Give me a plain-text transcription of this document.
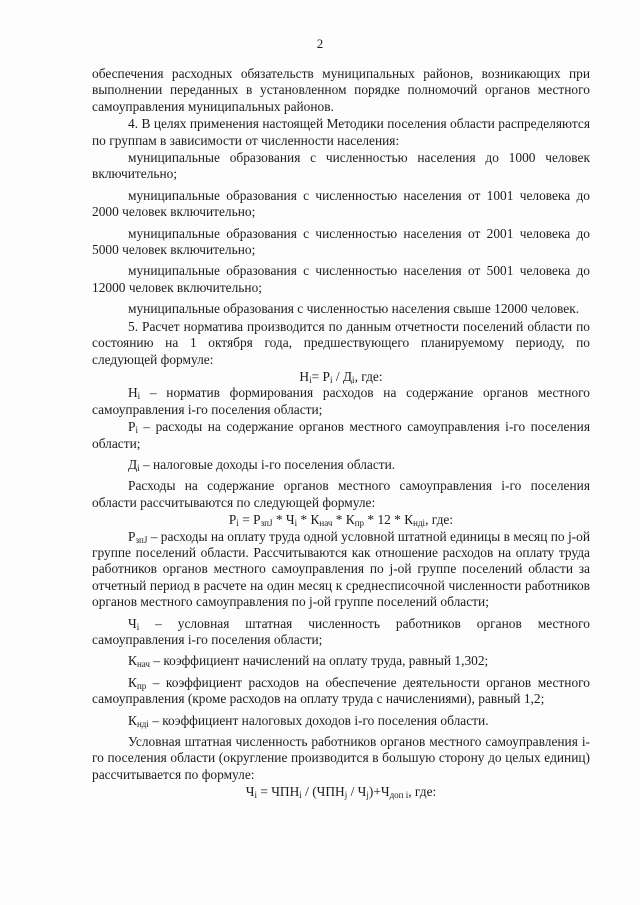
2

обеспечения расходных обязательств муниципальных районов, возникающих при выполнении переданных в установленном порядке полномочий органов местного самоуправления муниципальных районов.

4. В целях применения настоящей Методики поселения области распределяются по группам в зависимости от численности населения:

муниципальные образования с численностью населения до 1000 человек включительно;

муниципальные образования с численностью населения от 1001 человека до 2000 человек включительно;

муниципальные образования с численностью населения от 2001 человека до 5000 человек включительно;

муниципальные образования с численностью населения от 5001 человека до 12000 человек включительно;

муниципальные образования с численностью населения свыше 12000 человек.

5. Расчет норматива производится по данным отчетности поселений области по состоянию на 1 октября года, предшествующего планируемому периоду, по следующей формуле:

$Н_i= Р_i / Д_i$, где:

$Н_i$ – норматив формирования расходов на содержание органов местного самоуправления i-го поселения области;

$Р_i$ – расходы на содержание органов местного самоуправления i-го поселения области;

$Д_i$ – налоговые доходы i-го поселения области.

Расходы на содержание органов местного самоуправления i-го поселения области рассчитываются по следующей формуле:

$Р_i = Р_{зпJ} * Ч_i * К_{нач} * К_{пр} * 12 * К_{ндi}$, где:

$Р_{зпJ}$ – расходы на оплату труда одной условной штатной единицы в месяц по j-ой группе поселений области. Рассчитываются как отношение расходов на оплату труда работников органов местного самоуправления по j-ой группе поселений области за отчетный период в расчете на один месяц к среднесписочной численности работников органов местного самоуправления по j-ой группе поселений области;

$Ч_i$ – условная штатная численность работников органов местного самоуправления i-го поселения области;

$К_{нач}$ – коэффициент начислений на оплату труда, равный 1,302;

$К_{пр}$ – коэффициент расходов на обеспечение деятельности органов местного самоуправления (кроме расходов на оплату труда с начислениями), равный 1,2;

$К_{ндi}$ – коэффициент налоговых доходов i-го поселения области.

Условная штатная численность работников органов местного самоуправления i-го поселения области (округление производится в большую сторону до целых единиц) рассчитывается по формуле:

$Ч_i = ЧПН_i / (ЧПН_j / Ч_j)+Ч_{доп i}$, где:
